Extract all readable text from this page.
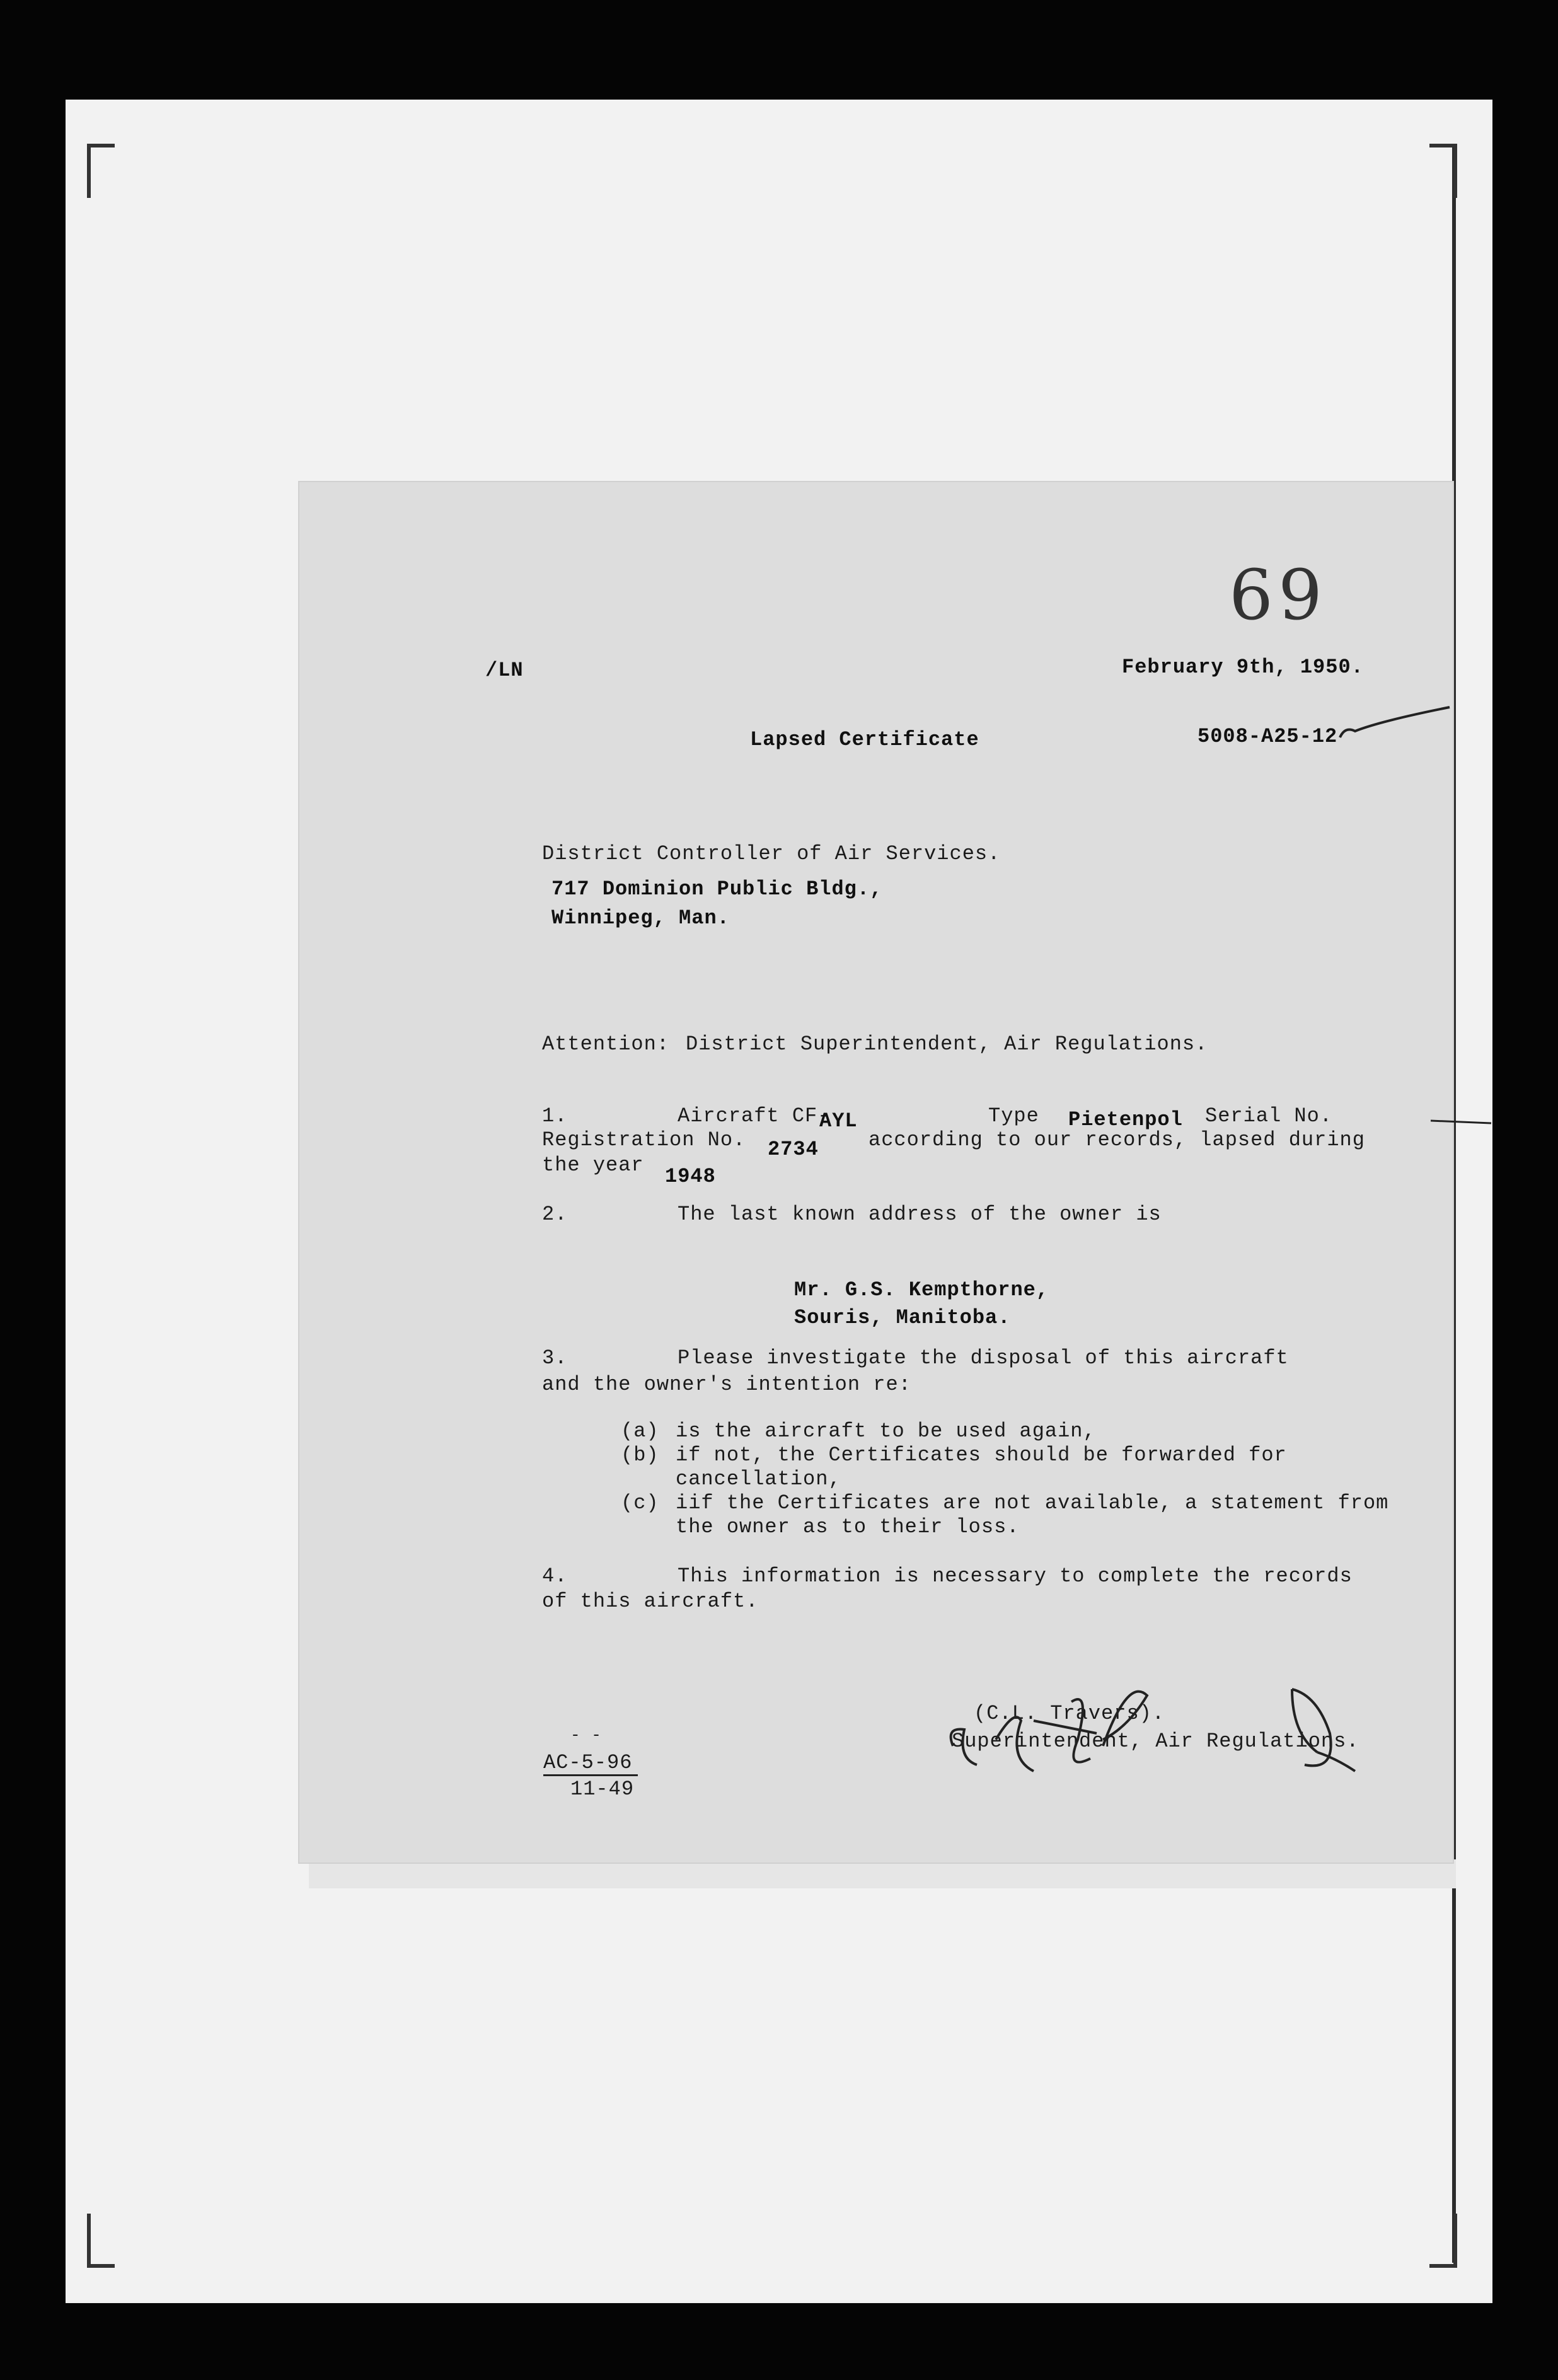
69
/LN	February 9th, 1950.
Lapsed Certificate	5008-A25-12
District Controller of Air Services.
717 Dominion Public Bldg.,
Winnipeg, Man.
Attention: District Superintendent, Air Regulations.
1.	Aircraft CF-
AYL	Type Pietenpol Serial No.
Registration No. 2734 according to our records, lapsed during
the year 1948
2.	The last known address of the owner is
Mr. G.S. Kempthorne,
Souris, Manitoba.
3.	Please investigate the disposal of this aircraft
and the owner's intention re:
(a) is the aircraft to be used again,
(b) if not, the Certificates should be forwarded for
cancellation,
(c) iif the Certificates are not available, a statement from
the owner as to their loss.
4.	This information is necessary to complete the records
of this aircraft.
(C.L. Travers).
Superintendent, Air Regulations.
- -
AC-5-96
11-49
